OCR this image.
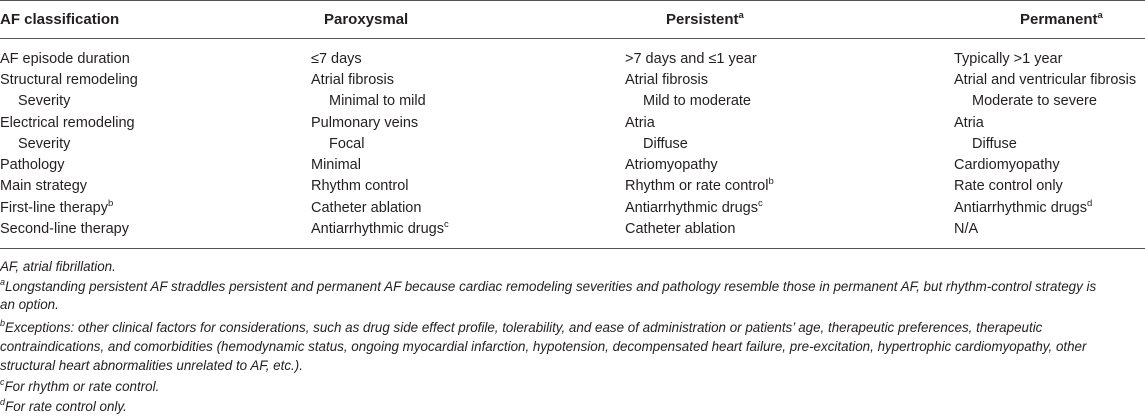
AF classification	Paroxysmal	Persistent$^a$	Permanent$^a$
AF episode duration	≤7 days	>7 days and ≤1 year	Typically >1 year
Structural remodeling	Atrial fibrosis	Atrial fibrosis	Atrial and ventricular fibrosis
Severity	Minimal to mild	Mild to moderate	Moderate to severe
Electrical remodeling	Pulmonary veins	Atria	Atria
Severity	Focal	Diffuse	Diffuse
Pathology	Minimal	Atriomyopathy	Cardiomyopathy
Main strategy	Rhythm control	Rhythm or rate control$^b$	Rate control only
First-line therapy$^b$	Catheter ablation	Antiarrhythmic drugs$^c$	Antiarrhythmic drugs$^d$
Second-line therapy	Antiarrhythmic drugs$^c$	Catheter ablation	N/A
AF, atrial fibrillation.
$^a$Longstanding persistent AF straddles persistent and permanent AF because cardiac remodeling severities and pathology resemble those in permanent AF, but rhythm-control strategy is
an option.
$^b$Exceptions: other clinical factors for considerations, such as drug side effect profile, tolerability, and ease of administration or patients’ age, therapeutic preferences, therapeutic
contraindications, and comorbidities (hemodynamic status, ongoing myocardial infarction, hypotension, decompensated heart failure, pre-excitation, hypertrophic cardiomyopathy, other
structural heart abnormalities unrelated to AF, etc.).
$^c$For rhythm or rate control.
$^d$For rate control only.
